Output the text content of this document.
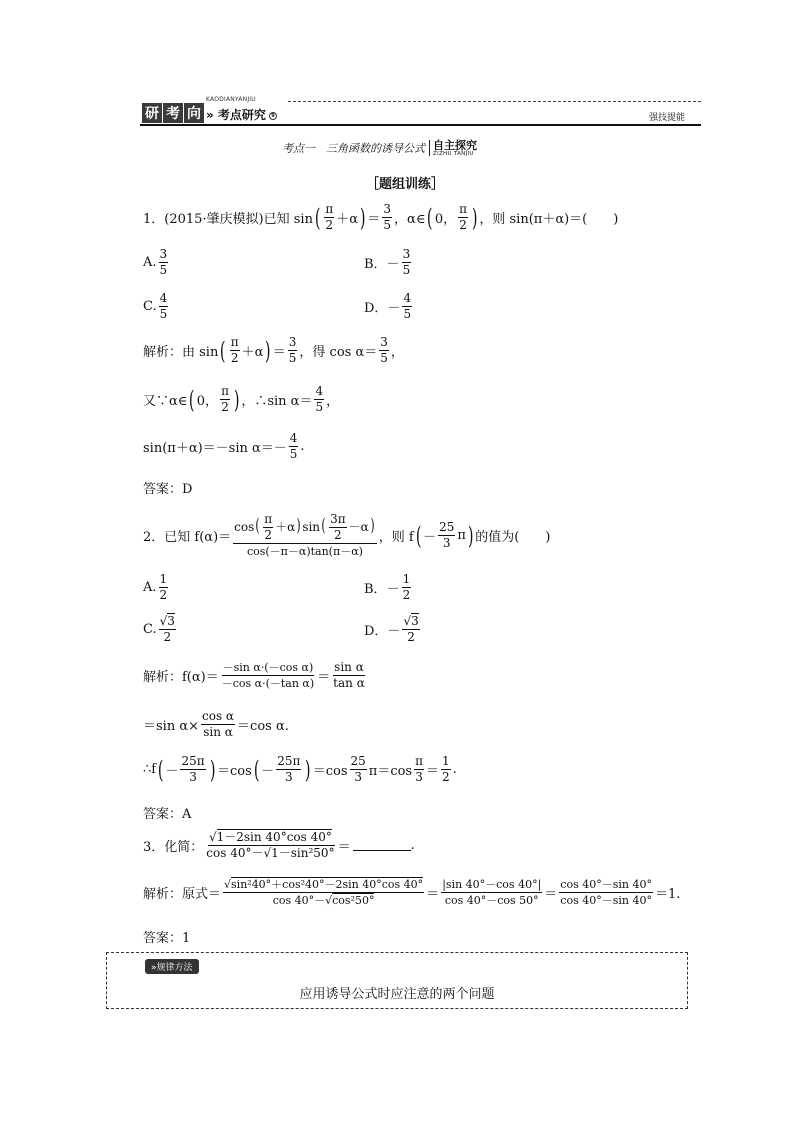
研 考 向
KAODIANYANJIU
» 考点研究 9	强技提能
考点一　三角函数的诱导公式 自主探究
ZIZHU TANJIU
［题组训练］
1．(2015·肇庆模拟)已知 sin ( $\frac{\pi}{2} +\alpha$ ) ＝ $\frac{3}{5}$ ，α∈ ( 0， $\frac{\pi}{2}$ ) ，则 sin(π＋α)＝(　　)
A. $\frac{3}{5}$	B．－ $\frac{3}{5}$
C. $\frac{4}{5}$	D．－ $\frac{4}{5}$
解析：由 sin ( $\frac{\pi}{2} +\alpha$ ) ＝ $\frac{3}{5}$ ，得 $\cos \alpha= \frac{3}{5}$ ，
又∵α∈ ( 0， $\frac{\pi}{2}$ ) ，∴sin $\alpha= \frac{4}{5}$ ，
sin(π＋α)＝－sin $\alpha=- \frac{4}{5}$ .
答案：D
2．已知 $f(\alpha)= \frac{\cos( \frac{\pi}{2} +\alpha)\sin( \frac{3\pi}{2} -\alpha)}{\cos(-\pi-\alpha)\tan(\pi-\alpha)}$ ，则 f ( － $\frac{25}{3}$ π ) 的值为(　　)
A. $\frac{1}{2}$	B．－ $\frac{1}{2}$
C. $\frac{√3}{2}$	D．－ $\frac{√3}{2}$
解析：$f(\alpha)= \frac{\text{－sin α·(－cos α)}}{\text{－cos α·(－tan α)}} = \frac{\text{sin α}}{\text{tan α}}$
＝sin $\alpha\times \frac{\text{cos α}}{\text{sin α}} =\cos$ α.
∴f ( － $\frac{25\pi}{3}$ ) ＝cos ( － $\frac{25\pi}{3}$ ) $=\cos \frac{25}{3} \pi=\cos \frac{\pi}{3} = \frac{1}{2}$ .
答案：A
3．化简： $\frac{√1-2\sin 40^\circ\cos 40^\circ}{\text{cos 40°－√1－sin²50°}}$ ＝	.
解析：原式＝ $\frac{\text{√sin²40°＋cos²40°－2sin 40°cos 40°}}{\text{cos 40°－√cos²50°}} = \frac{|\sin 40^\circ-\cos 40^\circ|}{\cos 40^\circ-\cos 50^\circ} = \frac{\cos 40^\circ-\sin 40^\circ}{\cos 40^\circ-\sin 40^\circ} =1$.
答案：1
»规律方法
应用诱导公式时应注意的两个问题
